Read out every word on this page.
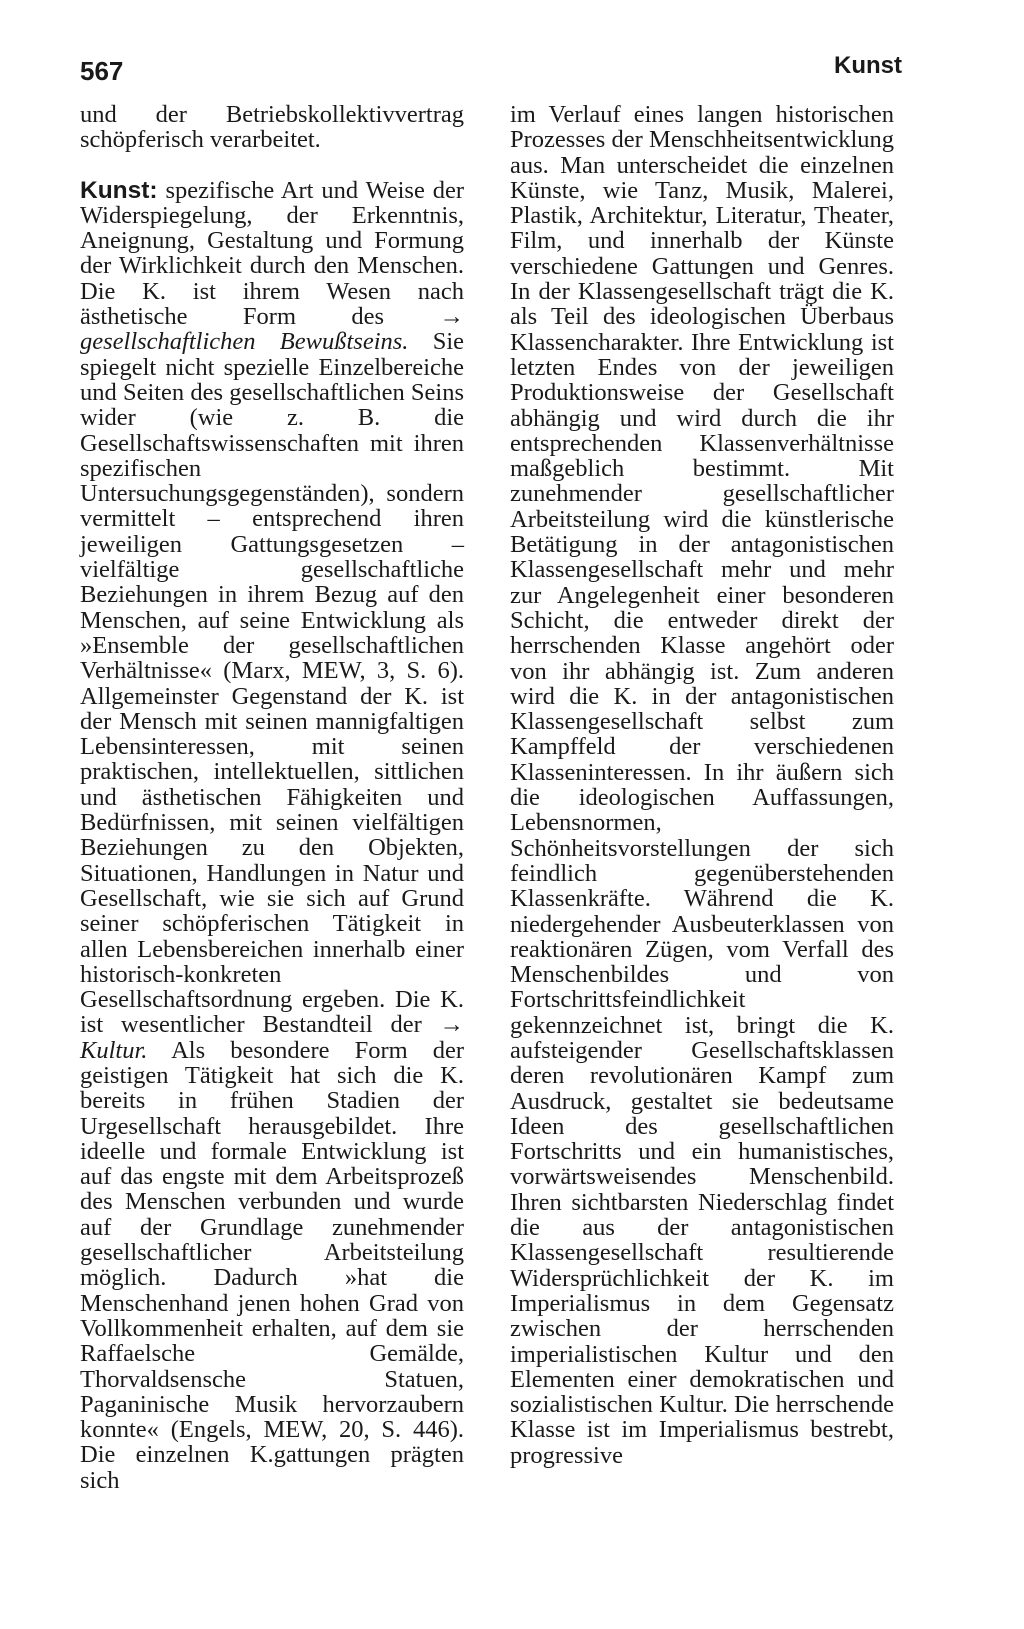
567	Kunst

und der Betriebskollektivvertrag schöpferisch verarbeitet.

Kunst: spezifische Art und Weise der Widerspiegelung, der Erkenntnis, Aneignung, Gestaltung und Formung der Wirklichkeit durch den Menschen. Die K. ist ihrem Wesen nach ästhetische Form des → gesellschaftlichen Bewußtseins. Sie spiegelt nicht spezielle Einzelbereiche und Seiten des gesellschaftlichen Seins wider (wie z. B. die Gesellschaftswissenschaften mit ihren spezifischen Untersuchungsgegenständen), sondern vermittelt – entsprechend ihren jeweiligen Gattungsgesetzen – vielfältige gesellschaftliche Beziehungen in ihrem Bezug auf den Menschen, auf seine Entwicklung als »Ensemble der gesellschaftlichen Verhältnisse« (Marx, MEW, 3, S. 6). Allgemeinster Gegenstand der K. ist der Mensch mit seinen mannigfaltigen Lebensinteressen, mit seinen praktischen, intellektuellen, sittlichen und ästhetischen Fähigkeiten und Bedürfnissen, mit seinen vielfältigen Beziehungen zu den Objekten, Situationen, Handlungen in Natur und Gesellschaft, wie sie sich auf Grund seiner schöpferischen Tätigkeit in allen Lebensbereichen innerhalb einer historisch-konkreten Gesellschaftsordnung ergeben. Die K. ist wesentlicher Bestandteil der → Kultur. Als besondere Form der geistigen Tätigkeit hat sich die K. bereits in frühen Stadien der Urgesellschaft herausgebildet. Ihre ideelle und formale Entwicklung ist auf das engste mit dem Arbeitsprozeß des Menschen verbunden und wurde auf der Grundlage zunehmender gesellschaftlicher Arbeitsteilung möglich. Dadurch »hat die Menschenhand jenen hohen Grad von Vollkommenheit erhalten, auf dem sie Raffaelsche Gemälde, Thorvaldsensche Statuen, Paganinische Musik hervorzaubern konnte« (Engels, MEW, 20, S. 446). Die einzelnen K.gattungen prägten sich

im Verlauf eines langen historischen Prozesses der Menschheitsentwicklung aus. Man unterscheidet die einzelnen Künste, wie Tanz, Musik, Malerei, Plastik, Architektur, Literatur, Theater, Film, und innerhalb der Künste verschiedene Gattungen und Genres. In der Klassengesellschaft trägt die K. als Teil des ideologischen Überbaus Klassencharakter. Ihre Entwicklung ist letzten Endes von der jeweiligen Produktionsweise der Gesellschaft abhängig und wird durch die ihr entsprechenden Klassenverhältnisse maßgeblich bestimmt. Mit zunehmender gesellschaftlicher Arbeitsteilung wird die künstlerische Betätigung in der antagonistischen Klassengesellschaft mehr und mehr zur Angelegenheit einer besonderen Schicht, die entweder direkt der herrschenden Klasse angehört oder von ihr abhängig ist. Zum anderen wird die K. in der antagonistischen Klassengesellschaft selbst zum Kampffeld der verschiedenen Klasseninteressen. In ihr äußern sich die ideologischen Auffassungen, Lebensnormen, Schönheitsvorstellungen der sich feindlich gegenüberstehenden Klassenkräfte. Während die K. niedergehender Ausbeuterklassen von reaktionären Zügen, vom Verfall des Menschenbildes und von Fortschrittsfeindlichkeit gekennzeichnet ist, bringt die K. aufsteigender Gesellschaftsklassen deren revolutionären Kampf zum Ausdruck, gestaltet sie bedeutsame Ideen des gesellschaftlichen Fortschritts und ein humanistisches, vorwärtsweisendes Menschenbild. Ihren sichtbarsten Niederschlag findet die aus der antagonistischen Klassengesellschaft resultierende Widersprüchlichkeit der K. im Imperialismus in dem Gegensatz zwischen der herrschenden imperialistischen Kultur und den Elementen einer demokratischen und sozialistischen Kultur. Die herrschende Klasse ist im Imperialismus bestrebt, progressive
